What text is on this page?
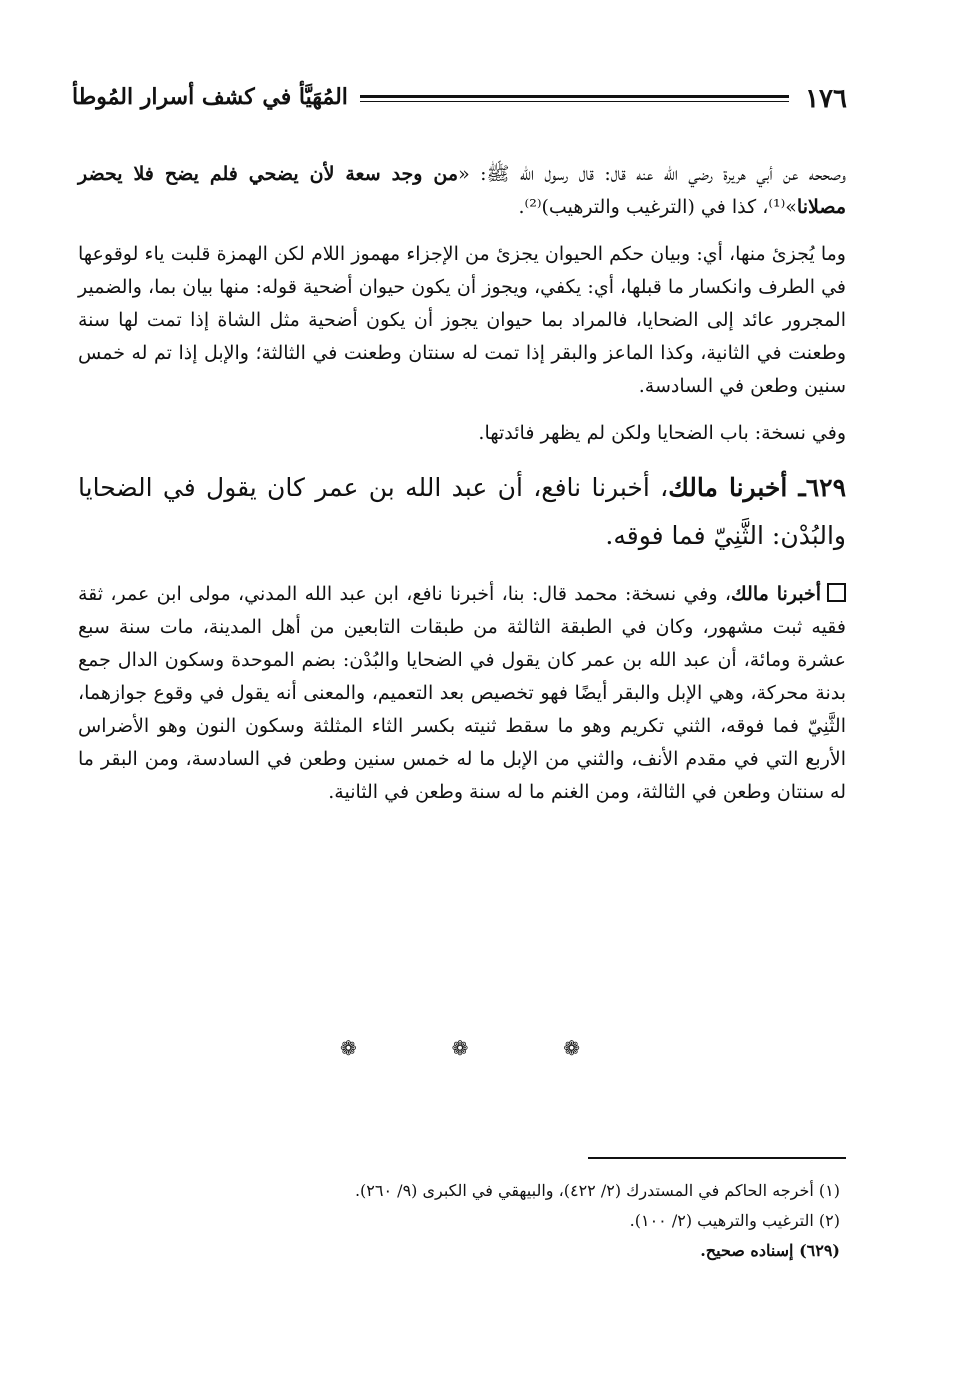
١٧٦
المُهَيَّأ في كشف أسرار المُوطأ

وصححه عن أبي هريرة رضي الله عنه قال: قال رسول الله ﷺ: «من وجد سعة لأن يضحي فلم يضح فلا يحضر مصلانا»⁽¹⁾، كذا في (الترغيب والترهيب)⁽²⁾.

وما يُجزئ منها، أي: وبيان حكم الحيوان يجزئ من الإجزاء مهموز اللام لكن الهمزة قلبت ياء لوقوعها في الطرف وانكسار ما قبلها، أي: يكفي، ويجوز أن يكون حيوان أضحية قوله: منها بيان بما، والضمير المجرور عائد إلى الضحايا، فالمراد بما حيوان يجوز أن يكون أضحية مثل الشاة إذا تمت لها سنة وطعنت في الثانية، وكذا الماعز والبقر إذا تمت له سنتان وطعنت في الثالثة؛ والإبل إذا تم له خمس سنين وطعن في السادسة.

وفي نسخة: باب الضحايا ولكن لم يظهر فائدتها.

٦٢٩ـ أخبرنا مالك، أخبرنا نافع، أن عبد الله بن عمر كان يقول في الضحايا والبُدْن: الثَّنِيّ فما فوقه.

أخبرنا مالك، وفي نسخة: محمد قال: بنا، أخبرنا نافع، ابن عبد الله المدني، مولى ابن عمر، ثقة فقيه ثبت مشهور، وكان في الطبقة الثالثة من طبقات التابعين من أهل المدينة، مات سنة سبع عشرة ومائة، أن عبد الله بن عمر كان يقول في الضحايا والبُدْن: بضم الموحدة وسكون الدال جمع بدنة محركة، وهي الإبل والبقر أيضًا فهو تخصيص بعد التعميم، والمعنى أنه يقول في وقوع جوازهما، الثَّنِيّ فما فوقه، الثني تكريم وهو ما سقط ثنيته بكسر الثاء المثلثة وسكون النون وهو الأضراس الأربع التي في مقدم الأنف، والثني من الإبل ما له خمس سنين وطعن في السادسة، ومن البقر ما له سنتان وطعن في الثالثة، ومن الغنم ما له سنة وطعن في الثانية.

❁	❁	❁
(١) أخرجه الحاكم في المستدرك (٢/ ٤٢٢)، والبيهقي في الكبرى (٩/ ٢٦٠).
(٢) الترغيب والترهيب (٢/ ١٠٠).
(٦٢٩) إسناده صحيح.
